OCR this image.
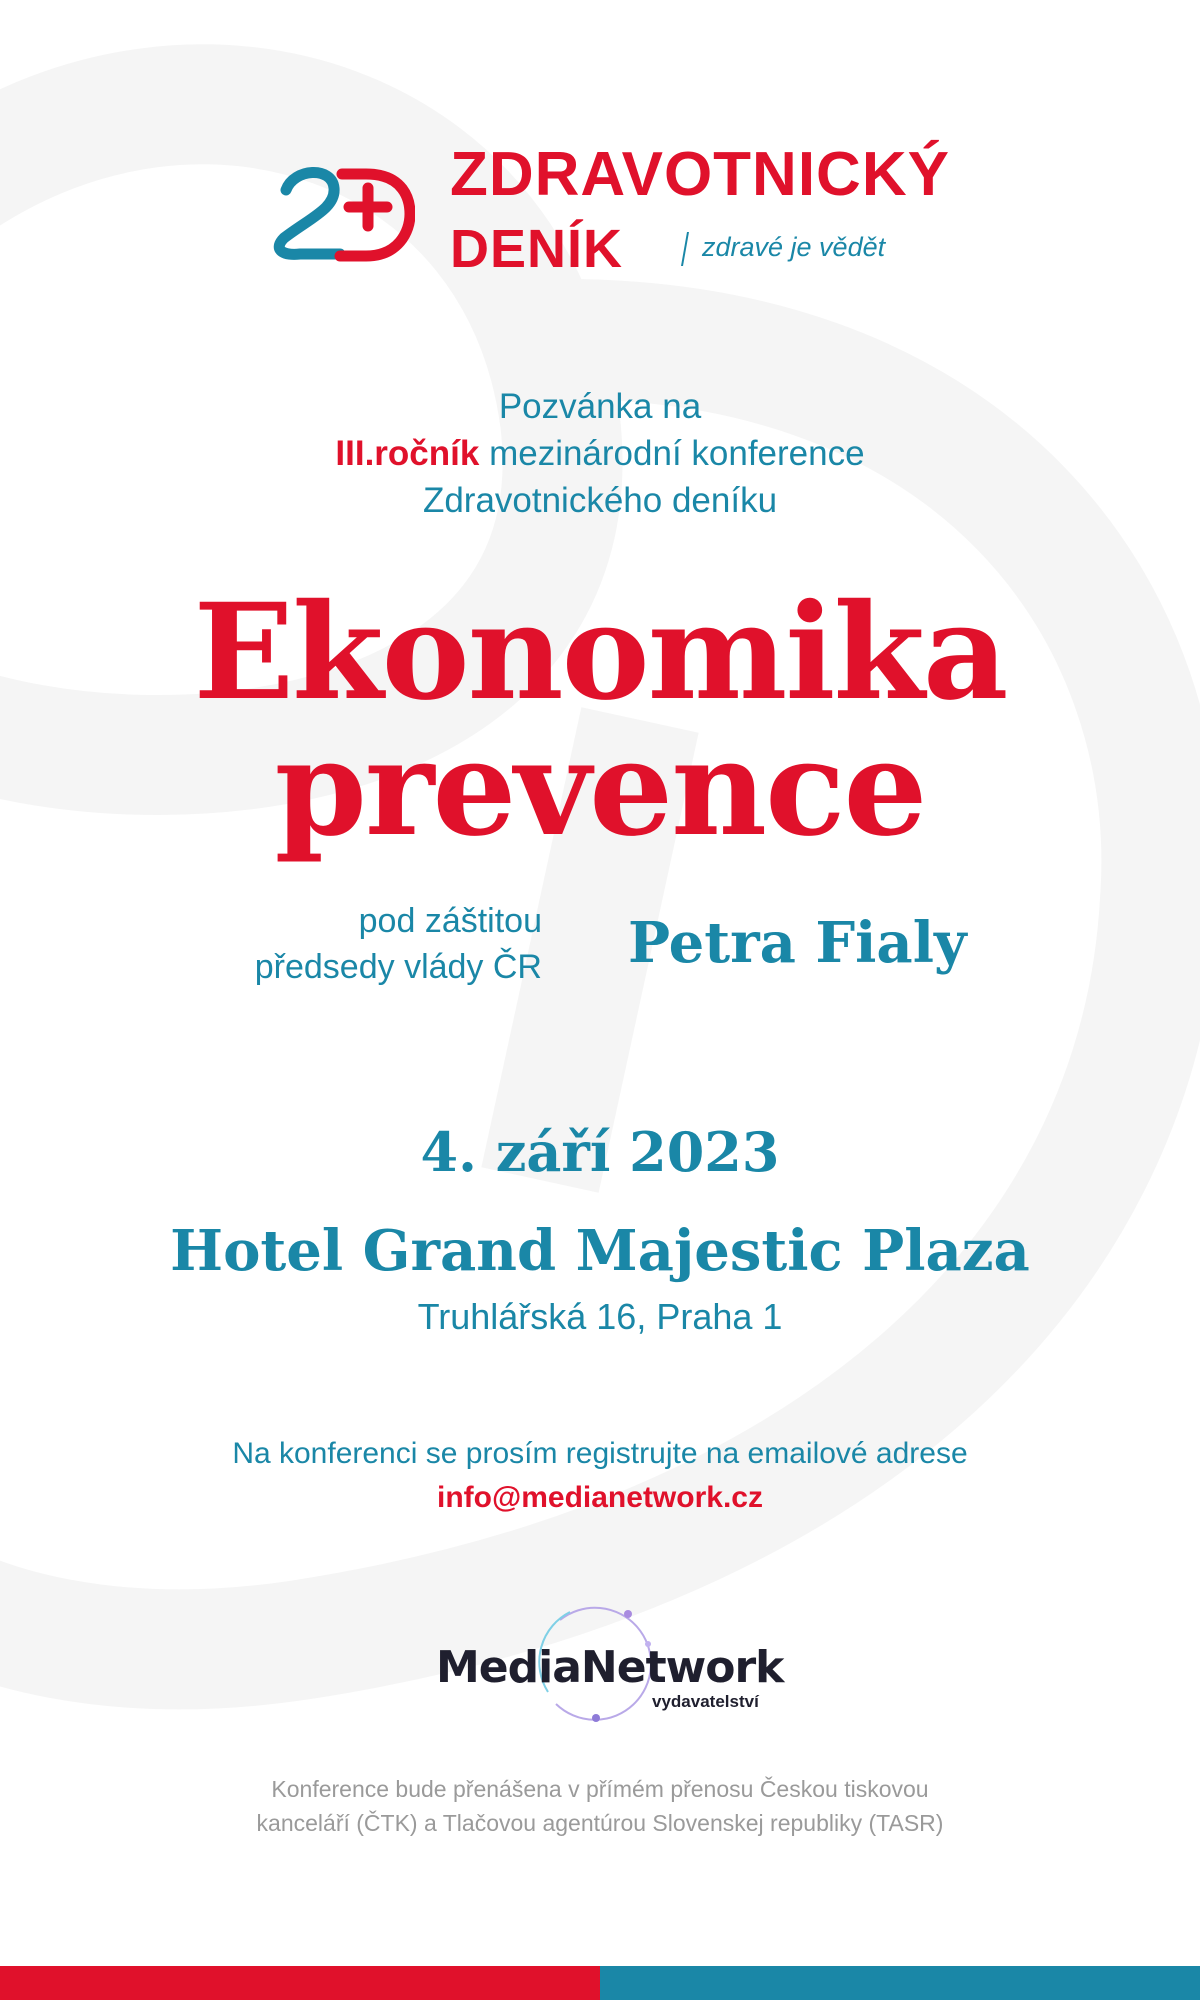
ZDRAVOTNICKÝ
DENÍK	zdravé je vědět
Pozvánka na
III.ročník mezinárodní konference
Zdravotnického deníku
Ekonomika
prevence
pod záštitou
předsedy vlády ČR Petra Fialy
4. září 2023
Hotel Grand Majestic Plaza
Truhlářská 16, Praha 1
Na konferenci se prosím registrujte na emailové adrese
info@medianetwork.cz
MediaNetwork
vydavatelství
Konference bude přenášena v přímém přenosu Českou tiskovou
kanceláří (ČTK) a Tlačovou agentúrou Slovenskej republiky (TASR)
